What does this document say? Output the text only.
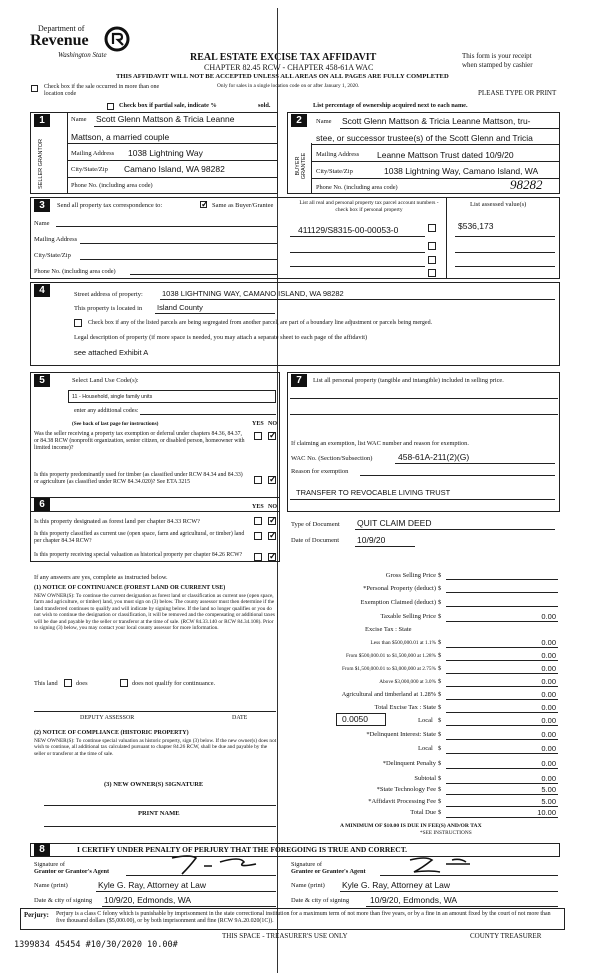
Department of
Revenue
Washington State	REAL ESTATE EXCISE TAX AFFIDAVIT
CHAPTER 82.45 RCW - CHAPTER 458-61A WAC
THIS AFFIDAVIT WILL NOT BE ACCEPTED UNLESS ALL AREAS ON ALL PAGES ARE FULLY COMPLETED
Only for sales in a single location code on or after January 1, 2020.
This form is your receipt
when stamped by cashier
PLEASE TYPE OR PRINT
Check box if the sale occurred in more than one location code
Check box if partial sale, indicate %	sold.	List percentage of ownership acquired next to each name.
1
SELLER GRANTOR
Name Scott Glenn Mattson & Tricia Leanne
Mattson, a married couple
Mailing Address 1038 Lightning Way
City/State/Zip Camano Island, WA 98282
Phone No. (including area code)
2
BUYER GRANTEE
Name Scott Glenn Mattson & Tricia Leanne Mattson, tru-
stee, or successor trustee(s) of the Scott Glenn and Tricia
Mailing Address Leanne Mattson Trust dated 10/9/20
City/State/Zip	1038 Lightning Way, Camano Island, WA
Phone No. (including area code)	98282
3	Send all property tax correspondence to: ✓	Same as Buyer/Grantee
Name
Mailing Address
City/State/Zip
Phone No. (including area code)
List all real and personal property tax parcel account numbers - check box if personal property
List assessed value(s)
411129/S8315-00-00053-0	$536,173
4	Street address of property:	1038 LIGHTNING WAY, CAMANO ISLAND, WA 98282
This property is located in Island County
Check box if any of the listed parcels are being segregated from another parcel, are part of a boundary line adjustment or parcels being merged.
Legal description of property (if more space is needed, you may attach a separate sheet to each page of the affidavit)
see attached Exhibit A
5	Select Land Use Code(s):
11 - Household, single family units
enter any additional codes:
(See back of last page for instructions)	YES NO
Was the seller receiving a property tax exemption or deferral under chapters 84.36, 84.37, or 84.38 RCW (nonprofit organization, senior citizen, or disabled person, homeowner with limited income)?
✓
Is this property predominantly used for timber (as classified under RCW 84.34 and 84.33) or agriculture (as classified under RCW 84.34.020)? See ETA 3215
✓
6	YES NO
Is this property designated as forest land per chapter 84.33 RCW?
✓
Is this property classified as current use (open space, farm and agricultural, or timber) land per chapter 84.34 RCW?
✓
Is this property receiving special valuation as historical property per chapter 84.26 RCW?
✓
If any answers are yes, complete as instructed below.
(1) NOTICE OF CONTINUANCE (FOREST LAND OR CURRENT USE)
NEW OWNER(S): To continue the current designation as forest land or classification as current use (open space, farm and agriculture, or timber) land, you must sign on (3) below. The county assessor must then determine if the land transferred continues to qualify and will indicate by signing below. If the land no longer qualifies or you do not wish to continue the designation or classification, it will be removed and the compensating or additional taxes will be due and payable by the seller or transferor at the time of sale. (RCW 84.33.140 or RCW 84.34.108). Prior to signing (3) below, you may contact your local county assessor for more information.
This land	does	does not qualify for continuance.
DEPUTY ASSESSOR	DATE
(2) NOTICE OF COMPLIANCE (HISTORIC PROPERTY)
NEW OWNER(S): To continue special valuation as historic property, sign (3) below. If the new owner(s) does not wish to continue, all additional tax calculated pursuant to chapter 84.26 RCW, shall be due and payable by the seller or transferor at the time of sale.
(3) NEW OWNER(S) SIGNATURE
PRINT NAME
7	List all personal property (tangible and intangible) included in selling price.
If claiming an exemption, list WAC number and reason for exemption.
WAC No. (Section/Subsection)	458-61A-211(2)(G)
Reason for exemption
TRANSFER TO REVOCABLE LIVING TRUST
Type of Document QUIT CLAIM DEED
Date of Document 10/9/20
Gross Selling Price $
*Personal Property (deduct) $
Exemption Claimed (deduct) $
Taxable Selling Price $	0.00
Excise Tax : State
Less than $500,000.01 at 1.1% $	0.00
From $500,000.01 to $1,500,000 at 1.28% $	0.00
From $1,500,000.01 to $3,000,000 at 2.75% $	0.00
Above $3,000,000 at 3.0% $	0.00
Agricultural and timberland at 1.28% $	0.00
Total Excise Tax : State $	0.00
0.0050	Local $	0.00
*Delinquent Interest: State $	0.00
Local $	0.00
*Delinquent Penalty $	0.00
Subtotal $	0.00
*State Technology Fee $	5.00
*Affidavit Processing Fee $	5.00
Total Due $	10.00
A MINIMUM OF $10.00 IS DUE IN FEE(S) AND/OR TAX
*SEE INSTRUCTIONS
8	I CERTIFY UNDER PENALTY OF PERJURY THAT THE FOREGOING IS TRUE AND CORRECT.
Signature of
Grantor or Grantor's Agent
Signature of
Grantee or Grantee's Agent
Name (print)	Kyle G. Ray, Attorney at Law	Name (print) Kyle G. Ray, Attorney at Law
Date & city of signing 10/9/20, Edmonds, WA	Date & city of signing 10/9/20, Edmonds, WA
Perjury: Perjury is a class C felony which is punishable by imprisonment in the state correctional institution for a maximum term of not more than five years, or by a fine in an amount fixed by the court of not more than five thousand dollars ($5,000.00), or by both imprisonment and fine (RCW 9A.20.020(1C)).
1399834 45454 #10/30/2020 10.00#
THIS SPACE - TREASURER'S USE ONLY	COUNTY TREASURER
